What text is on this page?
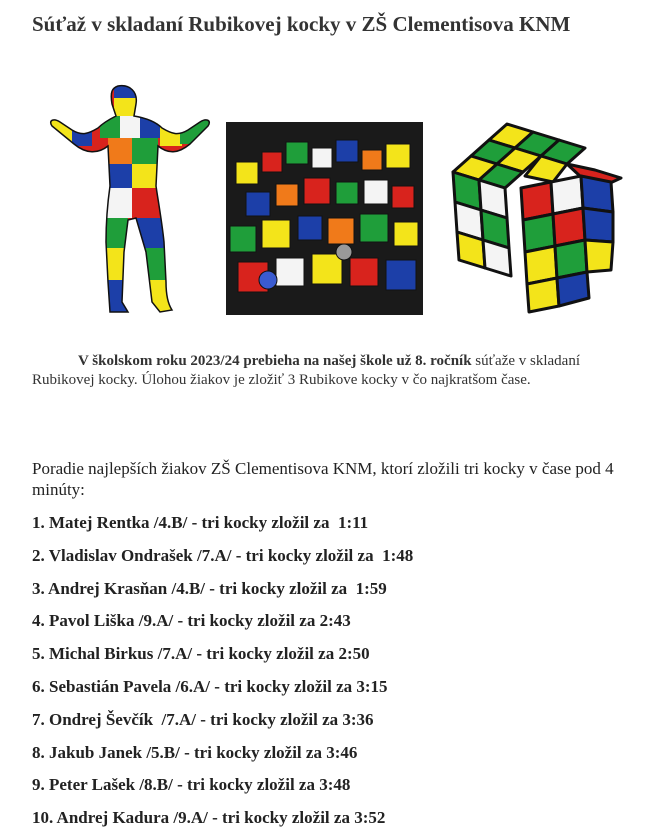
Súťaž v skladaní Rubikovej kocky v ZŠ Clementisova KNM

V školskom roku 2023/24 prebieha na našej škole už 8. ročník súťaže v skladaní Rubikovej kocky. Úlohou žiakov je zložiť 3 Rubikove kocky v čo najkratšom čase.

Poradie najlepších žiakov ZŠ Clementisova KNM, ktorí zložili tri kocky v čase pod 4 minúty:

1. Matej Rentka /4.B/ - tri kocky zložil za  1:11
2. Vladislav Ondrašek /7.A/ - tri kocky zložil za  1:48
3. Andrej Krasňan /4.B/ - tri kocky zložil za  1:59
4. Pavol Liška /9.A/ - tri kocky zložil za 2:43
5. Michal Birkus /7.A/ - tri kocky zložil za 2:50
6. Sebastián Pavela /6.A/ - tri kocky zložil za 3:15
7. Ondrej Ševčík  /7.A/ - tri kocky zložil za 3:36
8. Jakub Janek /5.B/ - tri kocky zložil za 3:46
9. Peter Lašek /8.B/ - tri kocky zložil za 3:48
10. Andrej Kadura /9.A/ - tri kocky zložil za 3:52
